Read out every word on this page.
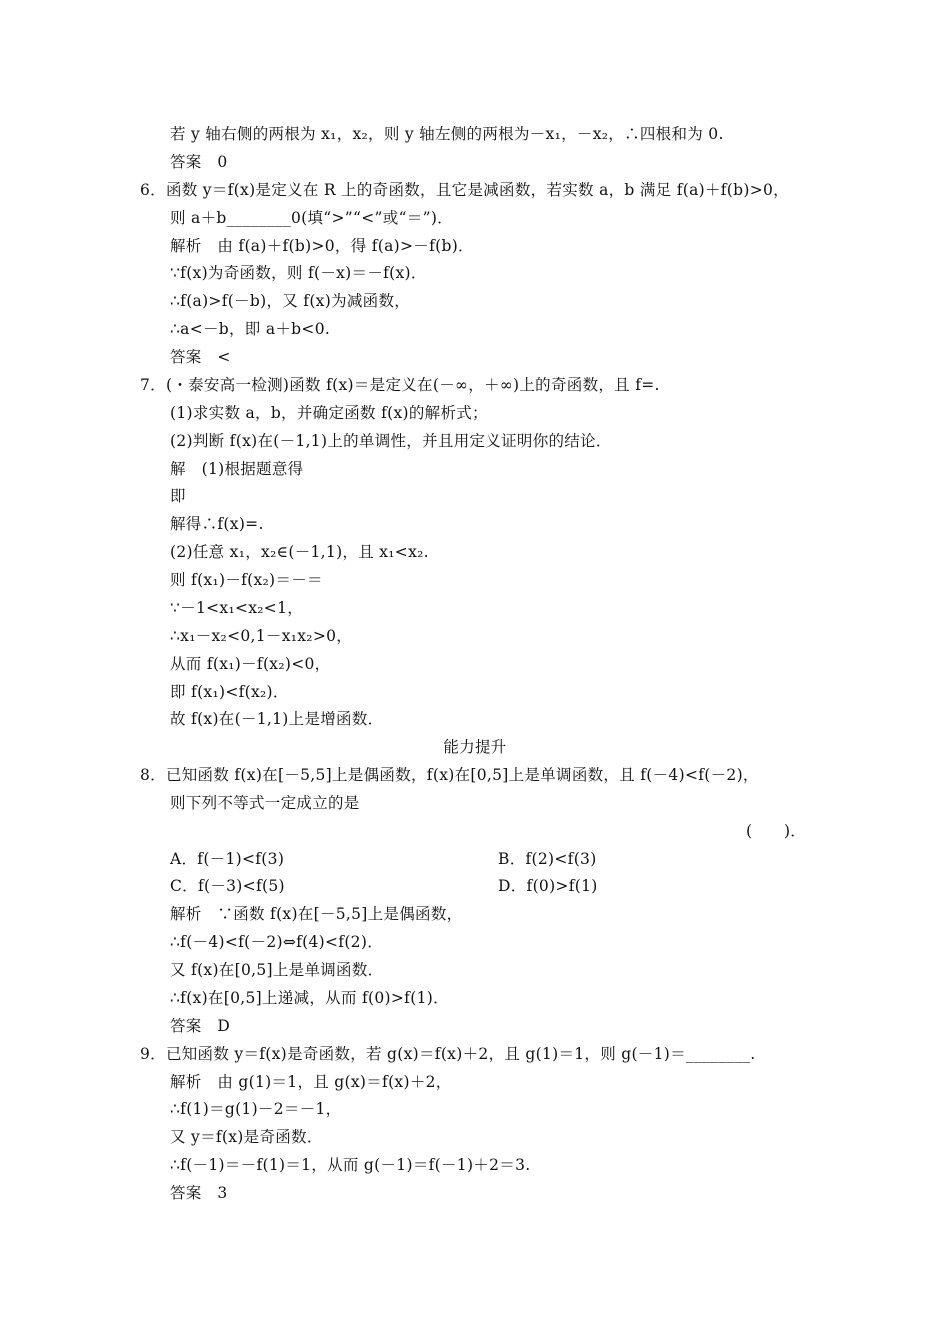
若 y 轴右侧的两根为 x₁，x₂，则 y 轴左侧的两根为－x₁，－x₂，∴四根和为 0.
答案　0
6．函数 y＝f(x)是定义在 R 上的奇函数，且它是减函数，若实数 a，b 满足 f(a)＋f(b)>0，
则 a＋b________0(填“>”“<”或“＝”)．
解析　由 f(a)＋f(b)>0，得 f(a)>－f(b)．
∵f(x)为奇函数，则 f(－x)＝－f(x)．
∴f(a)>f(－b)，又 f(x)为减函数，
∴a<－b，即 a＋b<0.
答案　<
7．(・泰安高一检测)函数 f(x)＝是定义在(－∞，＋∞)上的奇函数，且 f=.
(1)求实数 a，b，并确定函数 f(x)的解析式；
(2)判断 f(x)在(－1,1)上的单调性，并且用定义证明你的结论．
解　(1)根据题意得
即
解得∴f(x)=.
(2)任意 x₁，x₂∈(－1,1)，且 x₁<x₂.
则 f(x₁)－f(x₂)＝－＝
∵－1<x₁<x₂<1，
∴x₁－x₂<0,1－x₁x₂>0，
从而 f(x₁)－f(x₂)<0，
即 f(x₁)<f(x₂)．
故 f(x)在(－1,1)上是增函数．
能力提升
8．已知函数 f(x)在[－5,5]上是偶函数，f(x)在[0,5]上是单调函数，且 f(－4)<f(－2)，
则下列不等式一定成立的是
(　　)．
A．f(－1)<f(3)	B．f(2)<f(3)
C．f(－3)<f(5)	D．f(0)>f(1)
解析　∵函数 f(x)在[－5,5]上是偶函数，
∴f(－4)<f(－2)⇔f(4)<f(2)．
又 f(x)在[0,5]上是单调函数．
∴f(x)在[0,5]上递减，从而 f(0)>f(1)．
答案　D
9．已知函数 y＝f(x)是奇函数，若 g(x)＝f(x)＋2，且 g(1)＝1，则 g(－1)＝________.
解析　由 g(1)＝1，且 g(x)＝f(x)＋2，
∴f(1)＝g(1)－2＝－1，
又 y＝f(x)是奇函数．
∴f(－1)＝－f(1)＝1，从而 g(－1)＝f(－1)＋2＝3.
答案　3
